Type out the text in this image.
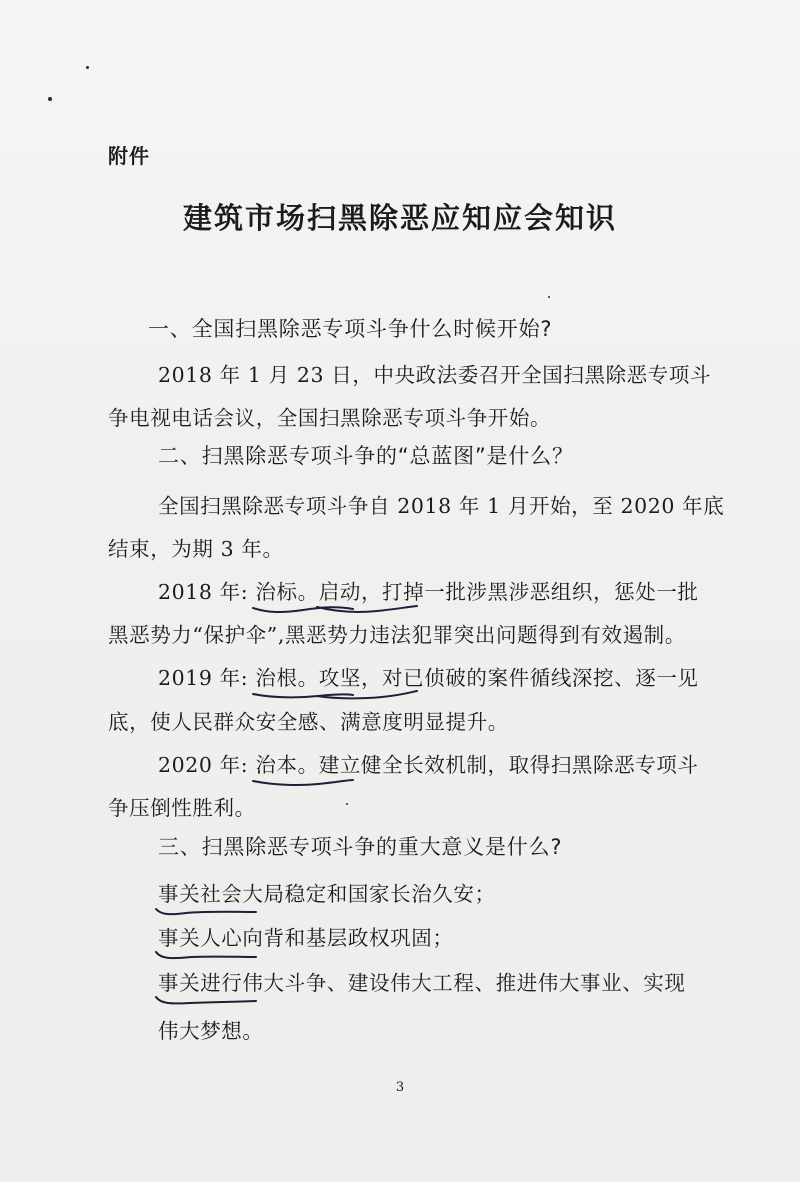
附件
建筑市场扫黑除恶应知应会知识
一、全国扫黑除恶专项斗争什么时候开始?
2018 年 1 月 23 日，中央政法委召开全国扫黑除恶专项斗
争电视电话会议，全国扫黑除恶专项斗争开始。
二、扫黑除恶专项斗争的“总蓝图”是什么？
全国扫黑除恶专项斗争自 2018 年 1 月开始，至 2020 年底
结束，为期 3 年。
2018 年: 治标
。启动
，打掉一批涉黑涉恶组织，惩处一批
黑恶势力“保护伞”,黑恶势力违法犯罪突出问题得到有效遏制。
2019 年: 治根
。攻坚
，对已侦破的案件循线深挖、逐一见
底，使人民群众安全感、满意度明显提升。
2020 年: 治本
。建立健全长效机制，取得扫黑除恶专项斗
争压倒性胜利。
三、扫黑除恶专项斗争的重大意义是什么?
事关社会大局稳定和国家长治久安
；
事关人心向背和基层政权巩固
；
事关进行伟大
斗争、建设伟大工程、推进伟大事业、实现
伟大梦想。
3
